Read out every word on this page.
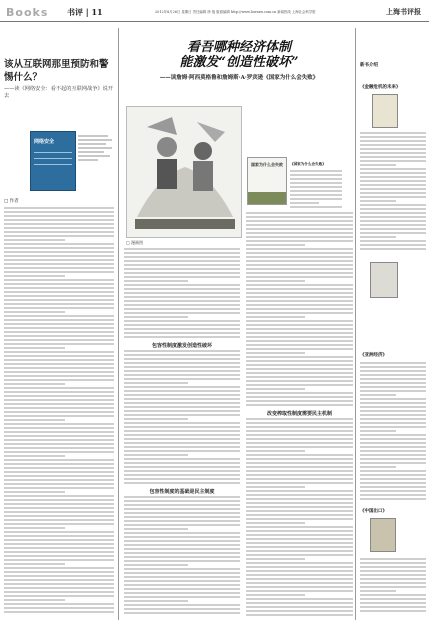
Books 书评 | 11	2012年8月26日 星期日 责任编辑 徐 翔 版面编辑 http://www.lowszw.com.cn 新闻热线 上海社会科学报	上海书评报
该从互联网那里预防和警惕什么？
——读《网络安全：看不起的互联网战争》说开去
网络安全
□ 作者
看吾哪种经济体制
能激发“创造性破坏”
——读詹姆·阿西莫格鲁和詹姆斯·A·罗宾逊《国家为什么会失败》
□ 漫画图
国家为什么会失败 《国家为什么会失败》
包容性制度激发创造性破坏
包容性制度的基础是民主制度
改变榨取性制度需要民主机制
新书介绍
《金融危机的未来》
《亚洲经济》
《中国出口》
